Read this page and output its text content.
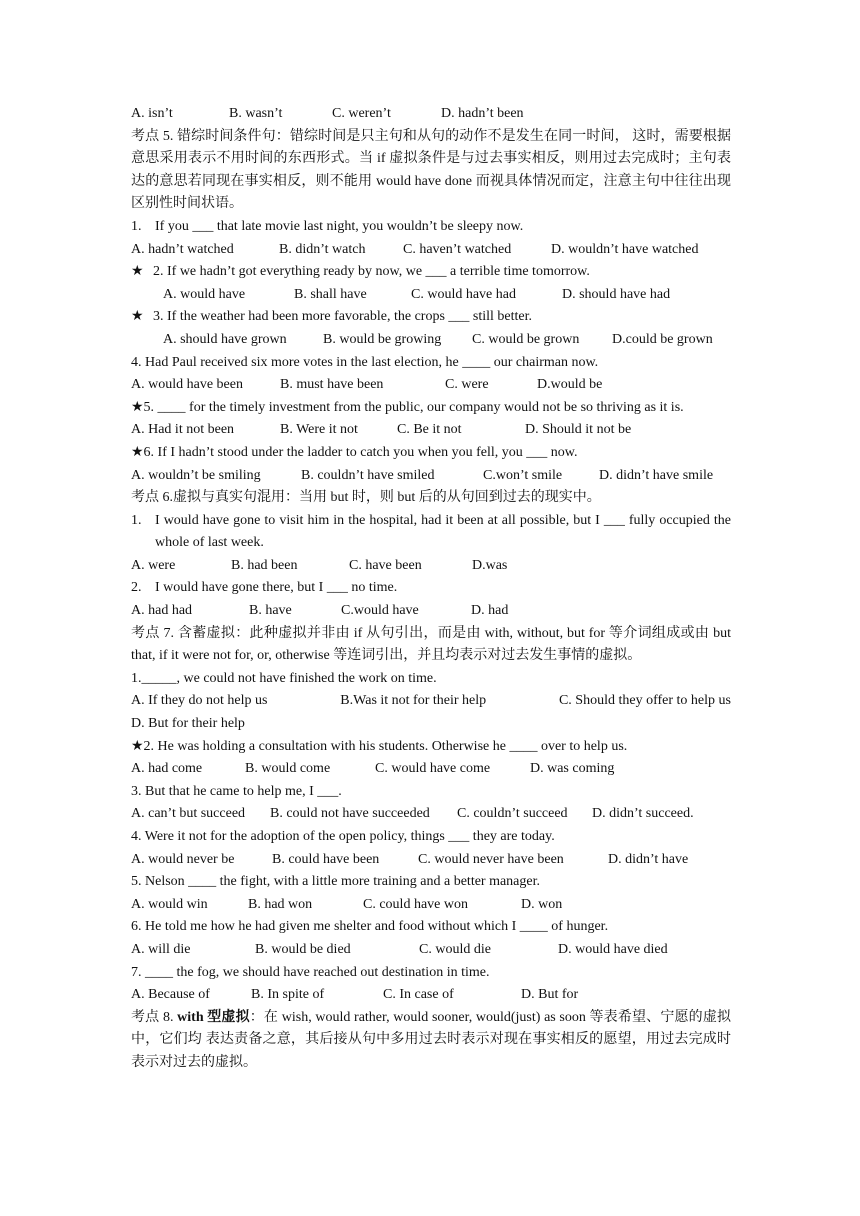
A. isn’t	B. wasn’t	C. weren’t	D. hadn’t been
考点 5. 错综时间条件句：错综时间是只主句和从句的动作不是发生在同一时间， 这时，需要根据意思采用表示不用时间的东西形式。当 if 虚拟条件是与过去事实相反，则用过去完成时；主句表达的意思若同现在事实相反，则不能用 would have done 而视具体情况而定，注意主句中往往出现区别性时间状语。
1. If you ___ that late movie last night, you wouldn’t be sleepy now.
A. hadn’t watched	B. didn’t watch	C. haven’t watched	D. wouldn’t have watched
★ 2. If we hadn’t got everything ready by now, we ___ a terrible time tomorrow.
A. would have	B. shall have	C. would have had	D. should have had
★ 3. If the weather had been more favorable, the crops ___ still better.
A. should have grown	B. would be growing	C. would be grown	D.could be grown
4. Had Paul received six more votes in the last election, he ____ our chairman now.
A. would have been	B. must have been	C. were	D.would be
★5. ____ for the timely investment from the public, our company would not be so thriving as it is.
A. Had it not been	B. Were it not	C. Be it not	D. Should it not be
★6. If I hadn’t stood under the ladder to catch you when you fell, you ___ now.
A. wouldn’t be smiling	B. couldn’t have smiled	C.won’t smile	D. didn’t have smile
考点 6.虚拟与真实句混用：当用 but 时，则 but 后的从句回到过去的现实中。
1. I would have gone to visit him in the hospital, had it been at all possible, but I ___ fully occupied the whole of last week.
A. were	B. had been	C. have been	D.was
2. I would have gone there, but I ___ no time.
A. had had	B. have	C.would have	D. had
考点 7. 含蓄虚拟：此种虚拟并非由 if 从句引出，而是由 with, without, but for 等介词组成或由 but that, if it were not for, or, otherwise 等连词引出，并且均表示对过去发生事情的虚拟。
1._____, we could not have finished the work on time.
A. If they do not help us	B.Was it not for their help	C. Should they offer to help us
D. But for their help
★2. He was holding a consultation with his students. Otherwise he ____ over to help us.
A. had come	B. would come	C. would have come	D. was coming
3. But that he came to help me, I ___.
A. can’t but succeed	B. could not have succeeded	C. couldn’t succeed	D. didn’t succeed.
4. Were it not for the adoption of the open policy, things ___ they are today.
A. would never be	B. could have been	C. would never have been	D. didn’t have
5. Nelson ____ the fight, with a little more training and a better manager.
A. would win	B. had won	C. could have won	D. won
6. He told me how he had given me shelter and food without which I ____ of hunger.
A. will die	B. would be died	C. would die	D. would have died
7. ____ the fog, we should have reached out destination in time.
A. Because of	B. In spite of	C. In case of	D. But for
考点 8. with 型虚拟：在 wish, would rather, would sooner, would(just) as soon 等表希望、宁愿的虚拟中，它们均 表达责备之意，其后接从句中多用过去时表示对现在事实相反的愿望，用过去完成时表示对过去的虚拟。
